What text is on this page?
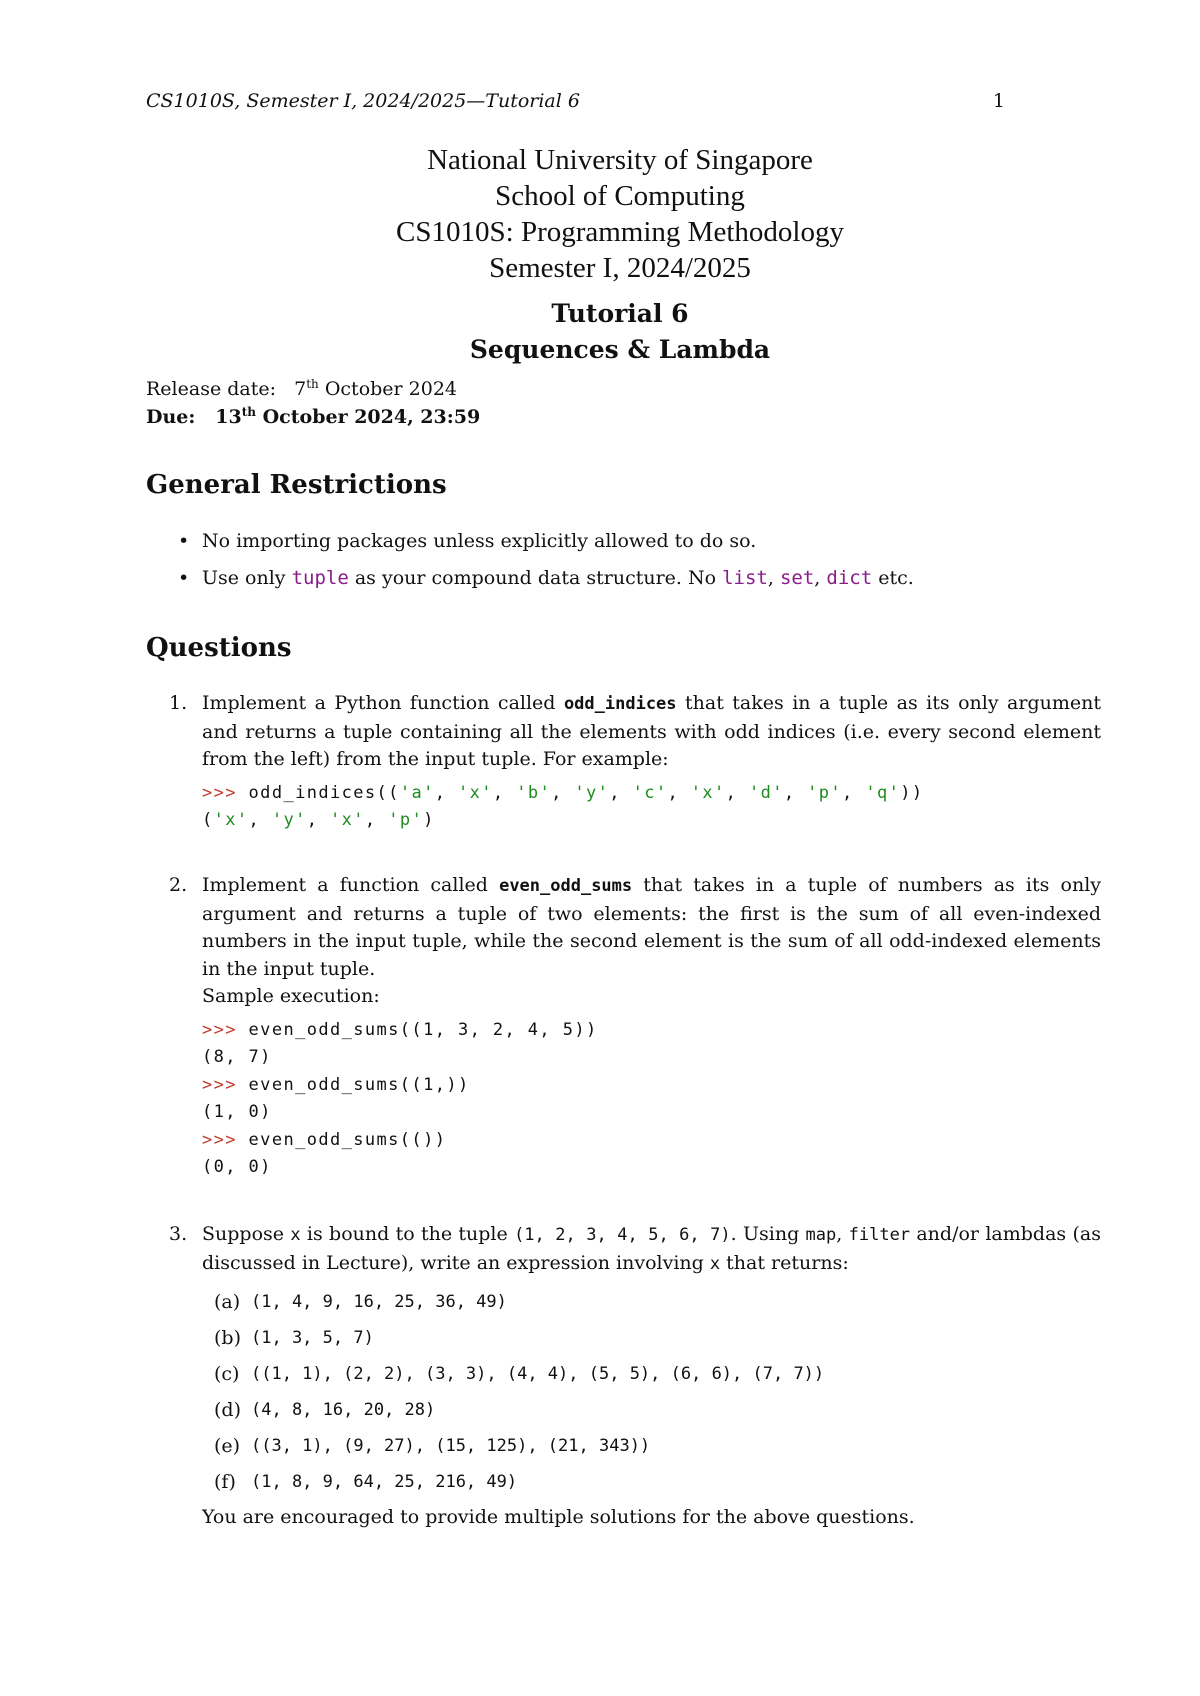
CS1010S, Semester I, 2024/2025—Tutorial 6	1
National University of Singapore
School of Computing
CS1010S: Programming Methodology
Semester I, 2024/2025
Tutorial 6
Sequences & Lambda
Release date: 7th October 2024
Due: 13th October 2024, 23:59
General Restrictions
• No importing packages unless explicitly allowed to do so.
• Use only tuple as your compound data structure. No list, set, dict etc.
Questions
1. Implement a Python function called odd_indices that takes in a tuple as its only argument and returns a tuple containing all the elements with odd indices (i.e. every second element from the left) from the input tuple. For example:
>>> odd_indices(('a', 'x', 'b', 'y', 'c', 'x', 'd', 'p', 'q'))
('x', 'y', 'x', 'p')
2. Implement a function called even_odd_sums that takes in a tuple of numbers as its only argument and returns a tuple of two elements: the first is the sum of all even-indexed numbers in the input tuple, while the second element is the sum of all odd-indexed elements in the input tuple.
Sample execution:
>>> even_odd_sums((1, 3, 2, 4, 5))
(8, 7)
>>> even_odd_sums((1,))
(1, 0)
>>> even_odd_sums(())
(0, 0)
3. Suppose x is bound to the tuple (1, 2, 3, 4, 5, 6, 7). Using map, filter and/or lambdas (as discussed in Lecture), write an expression involving x that returns:
(a) (1, 4, 9, 16, 25, 36, 49)
(b) (1, 3, 5, 7)
(c) ((1, 1), (2, 2), (3, 3), (4, 4), (5, 5), (6, 6), (7, 7))
(d) (4, 8, 16, 20, 28)
(e) ((3, 1), (9, 27), (15, 125), (21, 343))
(f) (1, 8, 9, 64, 25, 216, 49)
You are encouraged to provide multiple solutions for the above questions.
